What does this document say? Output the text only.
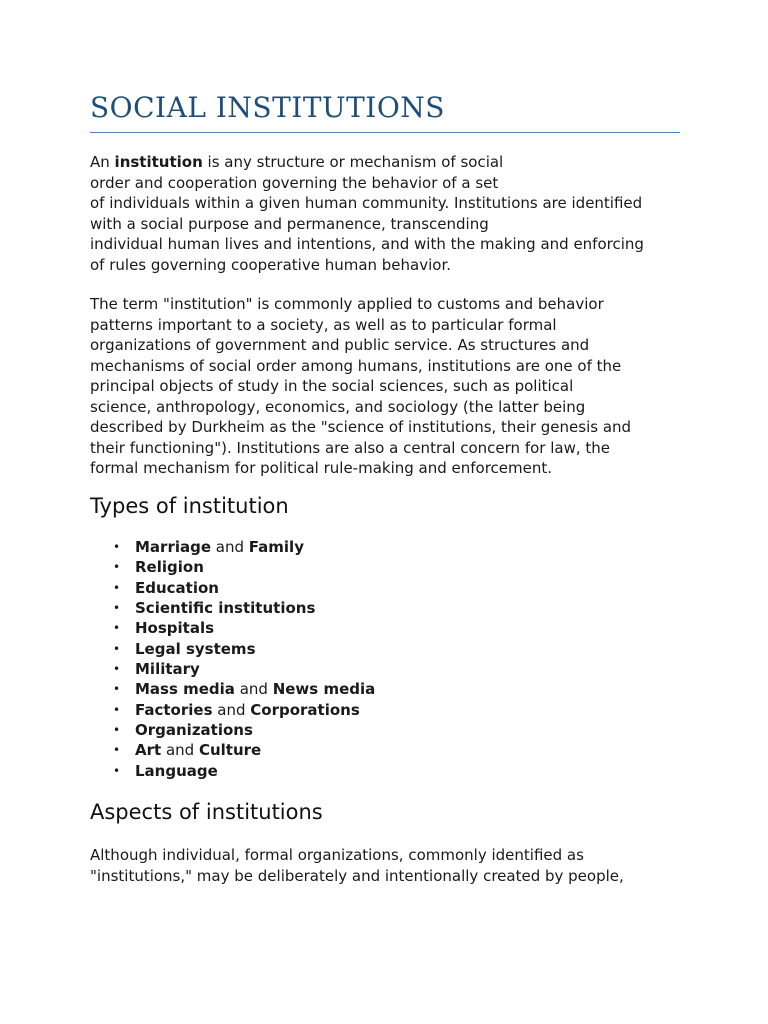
SOCIAL INSTITUTIONS

An institution is any structure or mechanism of social
order and cooperation governing the behavior of a set
of individuals within a given human community. Institutions are identified
with a social purpose and permanence, transcending
individual human lives and intentions, and with the making and enforcing
of rules governing cooperative human behavior.

The term "institution" is commonly applied to customs and behavior
patterns important to a society, as well as to particular formal
organizations of government and public service. As structures and
mechanisms of social order among humans, institutions are one of the
principal objects of study in the social sciences, such as political
science, anthropology, economics, and sociology (the latter being
described by Durkheim as the "science of institutions, their genesis and
their functioning"). Institutions are also a central concern for law, the
formal mechanism for political rule-making and enforcement.

Types of institution
• Marriage and Family
• Religion
• Education
• Scientific institutions
• Hospitals
• Legal systems
• Military
• Mass media and News media
• Factories and Corporations
• Organizations
• Art and Culture
• Language
Aspects of institutions

Although individual, formal organizations, commonly identified as
"institutions," may be deliberately and intentionally created by people,
